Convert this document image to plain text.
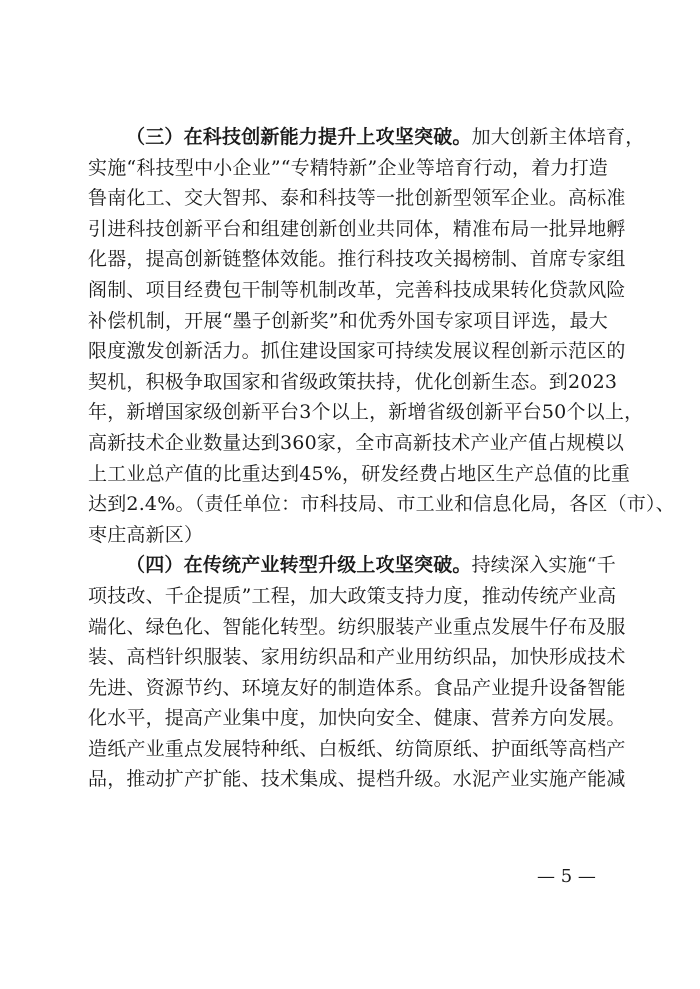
（三）在科技创新能力提升上攻坚突破。加大创新主体培育，
实施“科技型中小企业”“专精特新”企业等培育行动，着力打造
鲁南化工、交大智邦、泰和科技等一批创新型领军企业。高标准
引进科技创新平台和组建创新创业共同体，精准布局一批异地孵
化器，提高创新链整体效能。推行科技攻关揭榜制、首席专家组
阁制、项目经费包干制等机制改革，完善科技成果转化贷款风险
补偿机制，开展“墨子创新奖”和优秀外国专家项目评选，最大
限度激发创新活力。抓住建设国家可持续发展议程创新示范区的
契机，积极争取国家和省级政策扶持，优化创新生态。到2023
年，新增国家级创新平台3个以上，新增省级创新平台50个以上，
高新技术企业数量达到360家，全市高新技术产业产值占规模以
上工业总产值的比重达到45%，研发经费占地区生产总值的比重
达到2.4%。（责任单位：市科技局、市工业和信息化局，各区（市）、
枣庄高新区）
（四）在传统产业转型升级上攻坚突破。持续深入实施“千
项技改、千企提质”工程，加大政策支持力度，推动传统产业高
端化、绿色化、智能化转型。纺织服装产业重点发展牛仔布及服
装、高档针织服装、家用纺织品和产业用纺织品，加快形成技术
先进、资源节约、环境友好的制造体系。食品产业提升设备智能
化水平，提高产业集中度，加快向安全、健康、营养方向发展。
造纸产业重点发展特种纸、白板纸、纺筒原纸、护面纸等高档产
品，推动扩产扩能、技术集成、提档升级。水泥产业实施产能减
— 5 —
